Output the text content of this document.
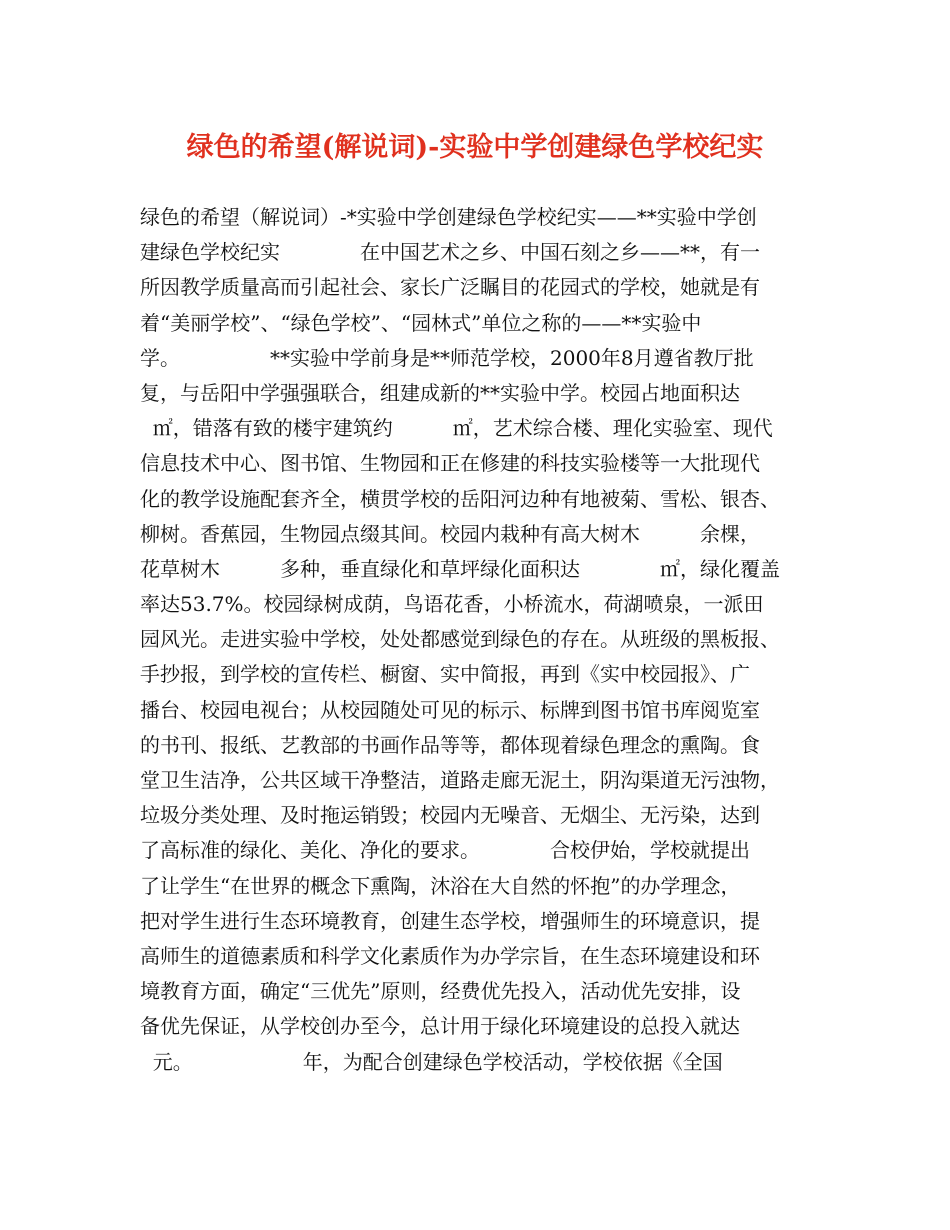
绿色的希望(解说词)-实验中学创建绿色学校纪实
绿色的希望（解说词）-*实验中学创建绿色学校纪实——**实验中学创
建绿色学校纪实　　　　在中国艺术之乡、中国石刻之乡——**，有一
所因教学质量高而引起社会、家长广泛瞩目的花园式的学校，她就是有
着“美丽学校”、“绿色学校”、“园林式”单位之称的——**实验中
学。　　　　　**实验中学前身是**师范学校，2000年8月遵省教厅批
复，与岳阳中学强强联合，组建成新的**实验中学。校园占地面积达
㎡，错落有致的楼宇建筑约　　　㎡，艺术综合楼、理化实验室、现代
信息技术中心、图书馆、生物园和正在修建的科技实验楼等一大批现代
化的教学设施配套齐全，横贯学校的岳阳河边种有地被菊、雪松、银杏、
柳树。香蕉园，生物园点缀其间。校园内栽种有高大树木　　　余棵，
花草树木　　　多种，垂直绿化和草坪绿化面积达　　　　㎡，绿化覆盖
率达53.7%。校园绿树成荫，鸟语花香，小桥流水，荷湖喷泉，一派田
园风光。走进实验中学校，处处都感觉到绿色的存在。从班级的黑板报、
手抄报，到学校的宣传栏、橱窗、实中简报，再到《实中校园报》、广
播台、校园电视台；从校园随处可见的标示、标牌到图书馆书库阅览室
的书刊、报纸、艺教部的书画作品等等，都体现着绿色理念的熏陶。食
堂卫生洁净，公共区域干净整洁，道路走廊无泥土，阴沟渠道无污浊物，
垃圾分类处理、及时拖运销毁；校园内无噪音、无烟尘、无污染，达到
了高标准的绿化、美化、净化的要求。　　　　合校伊始，学校就提出
了让学生“在世界的概念下熏陶，沐浴在大自然的怀抱”的办学理念，
把对学生进行生态环境教育，创建生态学校，增强师生的环境意识，提
高师生的道德素质和科学文化素质作为办学宗旨，在生态环境建设和环
境教育方面，确定“三优先”原则，经费优先投入，活动优先安排，设
备优先保证，从学校创办至今，总计用于绿化环境建设的总投入就达
元。　　　　　　年，为配合创建绿色学校活动，学校依据《全国
